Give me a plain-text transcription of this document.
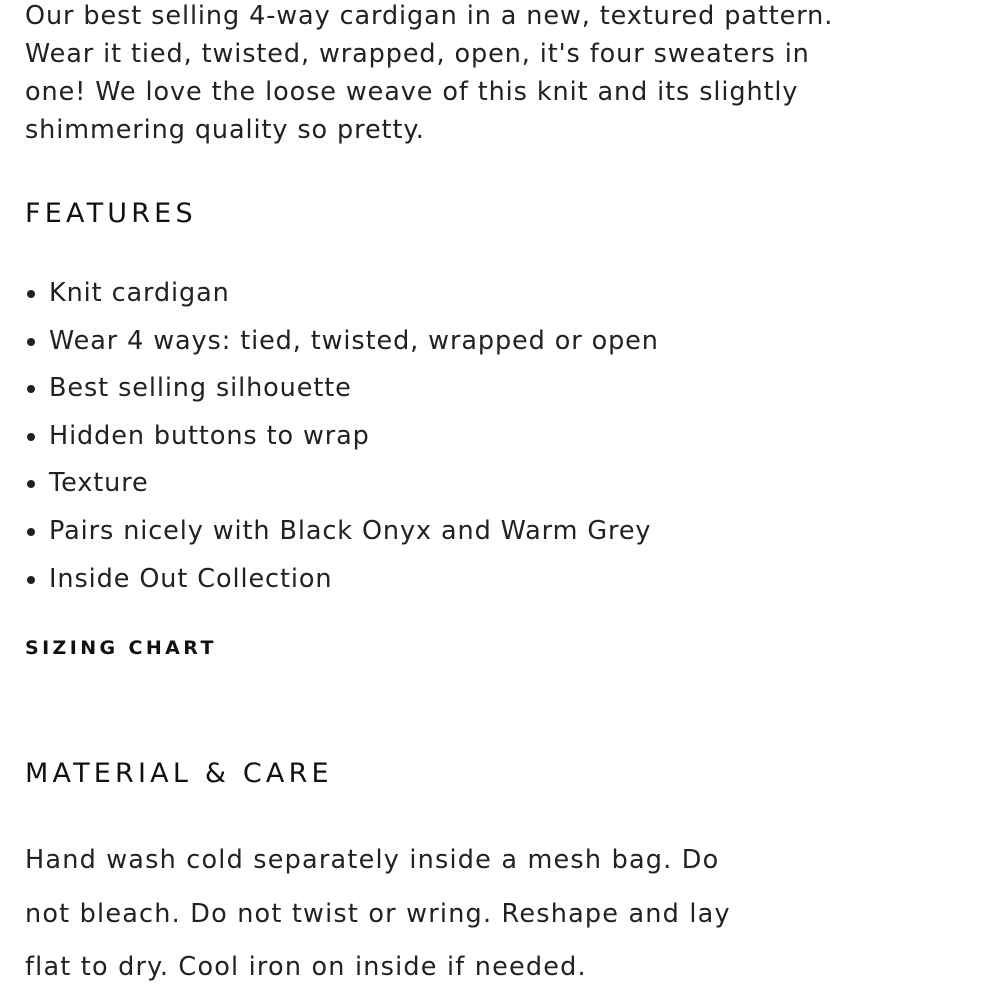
Our best selling 4-way cardigan in a new, textured pattern.
Wear it tied, twisted, wrapped, open, it's four sweaters in
one! We love the loose weave of this knit and its slightly
shimmering quality so pretty.

FEATURES
Knit cardigan
Wear 4 ways: tied, twisted, wrapped or open
Best selling silhouette
Hidden buttons to wrap
Texture
Pairs nicely with Black Onyx and Warm Grey
Inside Out Collection
SIZING CHART
MATERIAL & CARE

Hand wash cold separately inside a mesh bag. Do
not bleach. Do not twist or wring. Reshape and lay
flat to dry. Cool iron on inside if needed.
